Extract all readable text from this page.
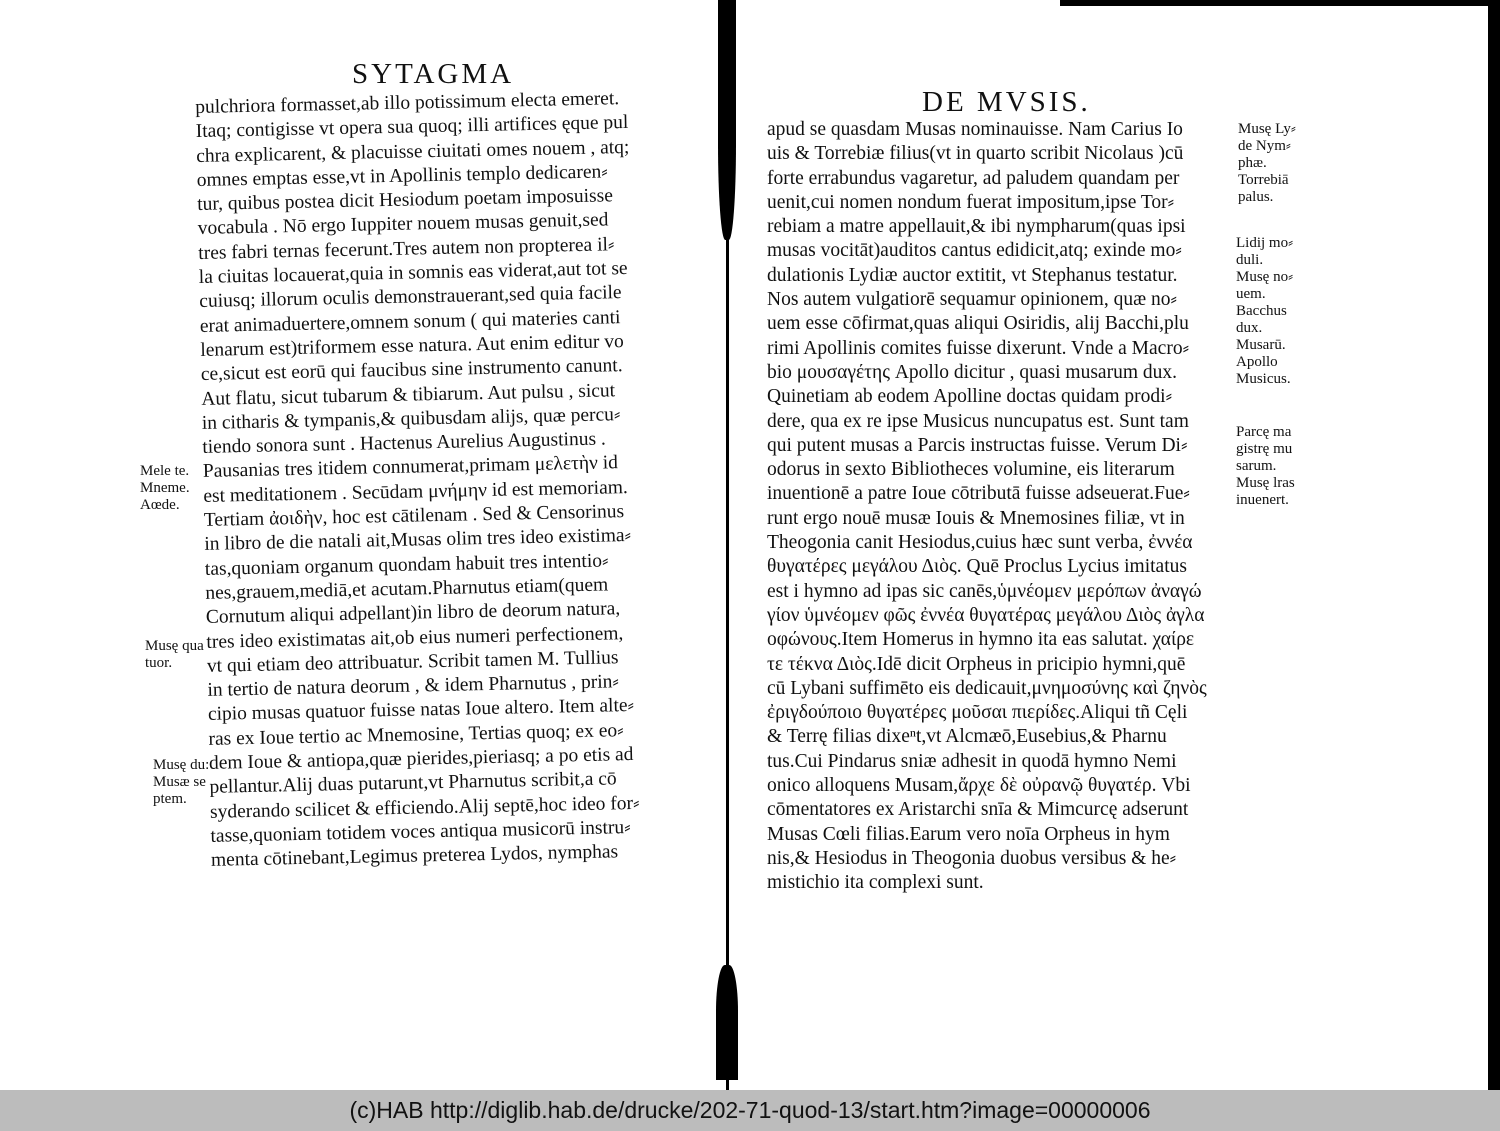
SYTAGMA
pulchriora formasset,ab illo potissimum electa emeret.
Itaq; contigisse vt opera sua quoq; illi artifices ęque pul
chra explicarent, & placuisse ciuitati omes nouem , atq;
omnes emptas esse,vt in Apollinis templo dedicaren⸗
tur, quibus postea dicit Hesiodum poetam imposuisse
vocabula . Nō ergo Iuppiter nouem musas genuit,sed
tres fabri ternas fecerunt.Tres autem non propterea il⸗
la ciuitas locauerat,quia in somnis eas viderat,aut tot se
cuiusq; illorum oculis demonstrauerant,sed quia facile
erat animaduertere,omnem sonum ( qui materies canti
lenarum est)triformem esse natura. Aut enim editur vo
ce,sicut est eorū qui faucibus sine instrumento canunt.
Aut flatu, sicut tubarum & tibiarum. Aut pulsu , sicut
in citharis & tympanis,& quibusdam alijs, quæ percu⸗
tiendo sonora sunt . Hactenus Aurelius Augustinus .
Pausanias tres itidem connumerat,primam μελετὴν id
est meditationem . Secūdam μνήμην id est memoriam.
Tertiam ἀοιδὴν, hoc est cātilenam . Sed & Censorinus
in libro de die natali ait,Musas olim tres ideo existima⸗
tas,quoniam organum quondam habuit tres intentio⸗
nes,grauem,mediā,et acutam.Pharnutus etiam(quem
Cornutum aliqui adpellant)in libro de deorum natura,
tres ideo existimatas ait,ob eius numeri perfectionem,
vt qui etiam deo attribuatur. Scribit tamen M. Tullius
in tertio de natura deorum , & idem Pharnutus , prin⸗
cipio musas quatuor fuisse natas Ioue altero. Item alte⸗
ras ex Ioue tertio ac Mnemosine, Tertias quoq; ex eo⸗
dem Ioue & antiopa,quæ pierides,pieriasq; a po etis ad
pellantur.Alij duas putarunt,vt Pharnutus scribit,a cō
syderando scilicet & efficiendo.Alij septē,hoc ideo for⸗
tasse,quoniam totidem voces antiqua musicorū instru⸗
menta cōtinebant,Legimus preterea Lydos, nymphas
Mele te.
Mneme.
Aœde.
Musę qua
tuor.
Musę du:
Musæ se
ptem.
DE MVSIS.
apud se quasdam Musas nominauisse. Nam Carius Io
uis & Torrebiæ filius(vt in quarto scribit Nicolaus )cū
forte errabundus vagaretur, ad paludem quandam per
uenit,cui nomen nondum fuerat impositum,ipse Tor⸗
rebiam a matre appellauit,& ibi nympharum(quas ipsi
musas vocitāt)auditos cantus edidicit,atq; exinde mo⸗
dulationis Lydiæ auctor extitit, vt Stephanus testatur.
Nos autem vulgatiorē sequamur opinionem, quæ no⸗
uem esse cōfirmat,quas aliqui Osiridis, alij Bacchi,plu
rimi Apollinis comites fuisse dixerunt. Vnde a Macro⸗
bio μουσαγέτης Apollo dicitur , quasi musarum dux.
Quinetiam ab eodem Apolline doctas quidam prodi⸗
dere, qua ex re ipse Musicus nuncupatus est. Sunt tam
qui putent musas a Parcis instructas fuisse. Verum Di⸗
odorus in sexto Bibliotheces volumine, eis literarum
inuentionē a patre Ioue cōtributā fuisse adseuerat.Fue⸗
runt ergo nouē musæ Iouis & Mnemosines filiæ, vt in
Theogonia canit Hesiodus,cuius hæc sunt verba, ἐννέα
θυγατέρες μεγάλου Διὸς. Quē Proclus Lycius imitatus
est i hymno ad ipas sic canēs,ὑμνέομεν μερόπων ἀναγώ
γίον ὑμνέομεν φῶς ἐννέα θυγατέρας μεγάλου Διὸς ἀγλα
οφώνους.Item Homerus in hymno ita eas salutat. χαίρε
τε τέκνα Διὸς.Idē dicit Orpheus in pricipio hymni,quē
cū Lybani suffimēto eis dedicauit,μνημοσύνης καὶ ζηνὸς
ἐριγδούποιο θυγατέρες μοῦσαι πιερίδες.Aliqui tñ Cęli
& Terrę filias dixeⁿt,vt Alcmæō,Eusebius,& Pharnu
tus.Cui Pindarus sniæ adhesit in quodā hymno Nemi
onico alloquens Musam,ἄρχε δὲ οὐρανῷ θυγατέρ. Vbi
cōmentatores ex Aristarchi snīa & Mimcurcę adserunt
Musas Cœli filias.Earum vero noīa Orpheus in hym
nis,& Hesiodus in Theogonia duobus versibus & he⸗
mistichio ita complexi sunt.
Musę Ly⸗
de Nym⸗
phæ.
Torrebiā
palus.
Lidij mo⸗
duli.
Musę no⸗
uem.
Bacchus
dux.
Musarū.
Apollo
Musicus.
Parcę ma
gistrę mu
sarum.
Musę lras
inuenert.
(c)HAB http://diglib.hab.de/drucke/202-71-quod-13/start.htm?image=00000006
